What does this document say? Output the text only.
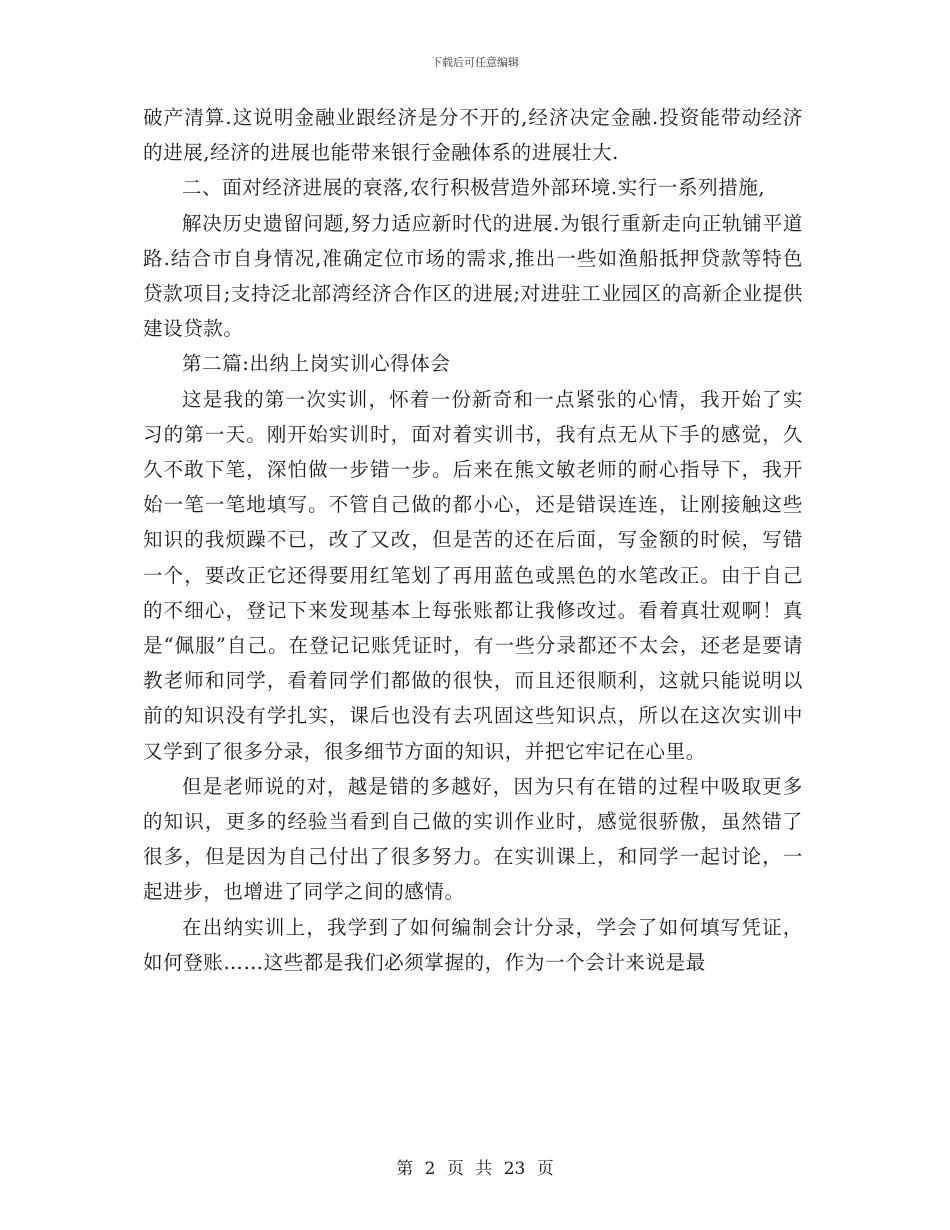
下载后可任意编辑

破产清算.这说明金融业跟经济是分不开的,经济决定金融.投资能带动经济的进展,经济的进展也能带来银行金融体系的进展壮大.

二、面对经济进展的衰落,农行积极营造外部环境.实行一系列措施,

解决历史遗留问题,努力适应新时代的进展.为银行重新走向正轨铺平道路.结合市自身情况,准确定位市场的需求,推出一些如渔船抵押贷款等特色贷款项目;支持泛北部湾经济合作区的进展;对进驻工业园区的高新企业提供建设贷款。

第二篇:出纳上岗实训心得体会

这是我的第一次实训，怀着一份新奇和一点紧张的心情，我开始了实习的第一天。刚开始实训时，面对着实训书，我有点无从下手的感觉，久久不敢下笔，深怕做一步错一步。后来在熊文敏老师的耐心指导下，我开始一笔一笔地填写。不管自己做的都小心，还是错误连连，让刚接触这些知识的我烦躁不已，改了又改，但是苦的还在后面，写金额的时候，写错一个，要改正它还得要用红笔划了再用蓝色或黑色的水笔改正。由于自己的不细心，登记下来发现基本上每张账都让我修改过。看着真壮观啊！真是“佩服”自己。在登记记账凭证时，有一些分录都还不太会，还老是要请教老师和同学，看着同学们都做的很快，而且还很顺利，这就只能说明以前的知识没有学扎实，课后也没有去巩固这些知识点，所以在这次实训中又学到了很多分录，很多细节方面的知识，并把它牢记在心里。

但是老师说的对，越是错的多越好，因为只有在错的过程中吸取更多的知识，更多的经验当看到自己做的实训作业时，感觉很骄傲，虽然错了很多，但是因为自己付出了很多努力。在实训课上，和同学一起讨论，一起进步，也增进了同学之间的感情。

在出纳实训上，我学到了如何编制会计分录，学会了如何填写凭证，如何登账……这些都是我们必须掌握的，作为一个会计来说是最

第 2 页 共 23 页
